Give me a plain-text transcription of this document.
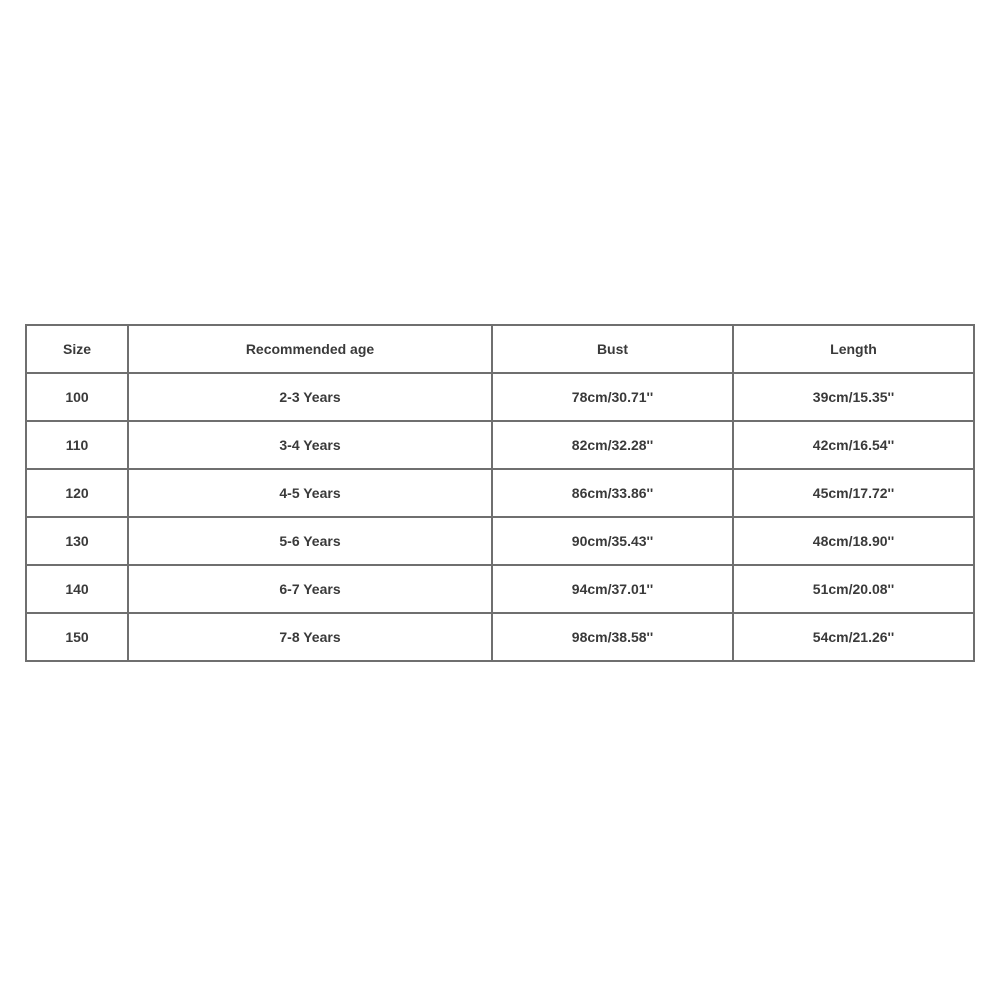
Size	Recommended age	Bust	Length
100	2-3 Years	78cm/30.71''	39cm/15.35''
110	3-4 Years	82cm/32.28''	42cm/16.54''
120	4-5 Years	86cm/33.86''	45cm/17.72''
130	5-6 Years	90cm/35.43''	48cm/18.90''
140	6-7 Years	94cm/37.01''	51cm/20.08''
150	7-8 Years	98cm/38.58''	54cm/21.26''
